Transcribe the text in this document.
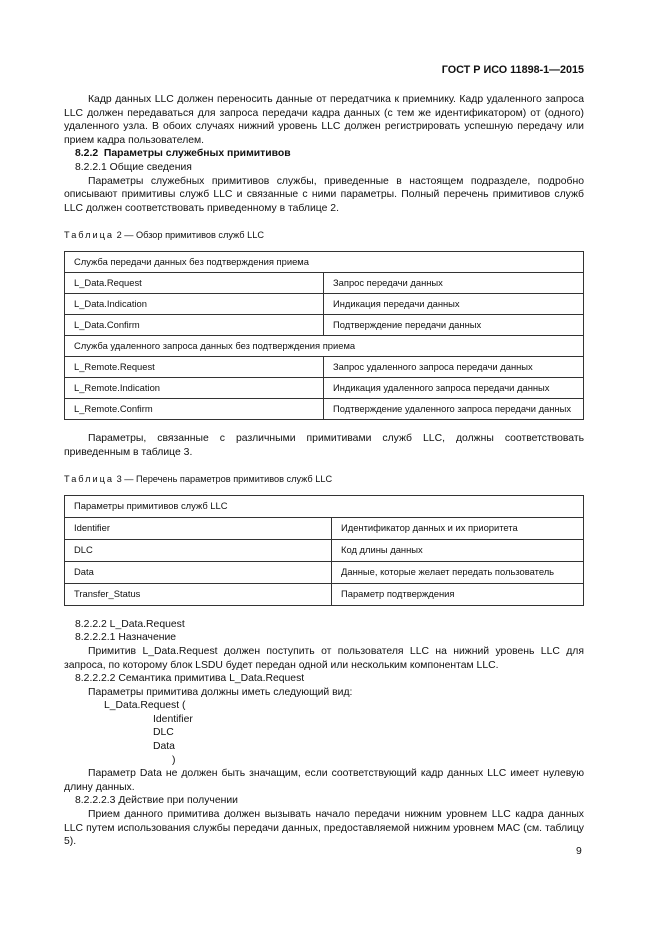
ГОСТ Р ИСО 11898-1—2015

Кадр данных LLC должен переносить данные от передатчика к приемнику. Кадр удаленного запроса LLC должен передаваться для запроса передачи кадра данных (с тем же идентификатором) от (одного) удаленного узла. В обоих случаях нижний уровень LLC должен регистрировать успешную передачу или прием кадра пользователем.

8.2.2 Параметры служебных примитивов

8.2.2.1 Общие сведения

Параметры служебных примитивов службы, приведенные в настоящем подразделе, подробно описывают примитивы служб LLC и связанные с ними параметры. Полный перечень примитивов служб LLC должен соответствовать приведенному в таблице 2.

Таблица 2 — Обзор примитивов служб LLC
Служба передачи данных без подтверждения приема	
L_Data.Request	Запрос передачи данных
L_Data.Indication	Индикация передачи данных
L_Data.Confirm	Подтверждение передачи данных
Служба удаленного запроса данных без подтверждения приема	
L_Remote.Request	Запрос удаленного запроса передачи данных
L_Remote.Indication	Индикация удаленного запроса передачи данных
L_Remote.Confirm	Подтверждение удаленного запроса передачи данных

Параметры, связанные с различными примитивами служб LLC, должны соответствовать приведенным в таблице 3.

Таблица 3 — Перечень параметров примитивов служб LLC
Параметры примитивов служб LLC	
Identifier	Идентификатор данных и их приоритета
DLC	Код длины данных
Data	Данные, которые желает передать пользователь
Transfer_Status	Параметр подтверждения

8.2.2.2 L_Data.Request

8.2.2.2.1 Назначение

Примитив L_Data.Request должен поступить от пользователя LLC на нижний уровень LLC для запроса, по которому блок LSDU будет передан одной или нескольким компонентам LLC.

8.2.2.2.2 Семантика примитива L_Data.Request

Параметры примитива должны иметь следующий вид:

L_Data.Request (

Identifier

DLC

Data

)

Параметр Data не должен быть значащим, если соответствующий кадр данных LLC имеет нулевую длину данных.

8.2.2.2.3 Действие при получении

Прием данного примитива должен вызывать начало передачи нижним уровнем LLC кадра данных LLC путем использования службы передачи данных, предоставляемой нижним уровнем MAC (см. таблицу 5).

9
